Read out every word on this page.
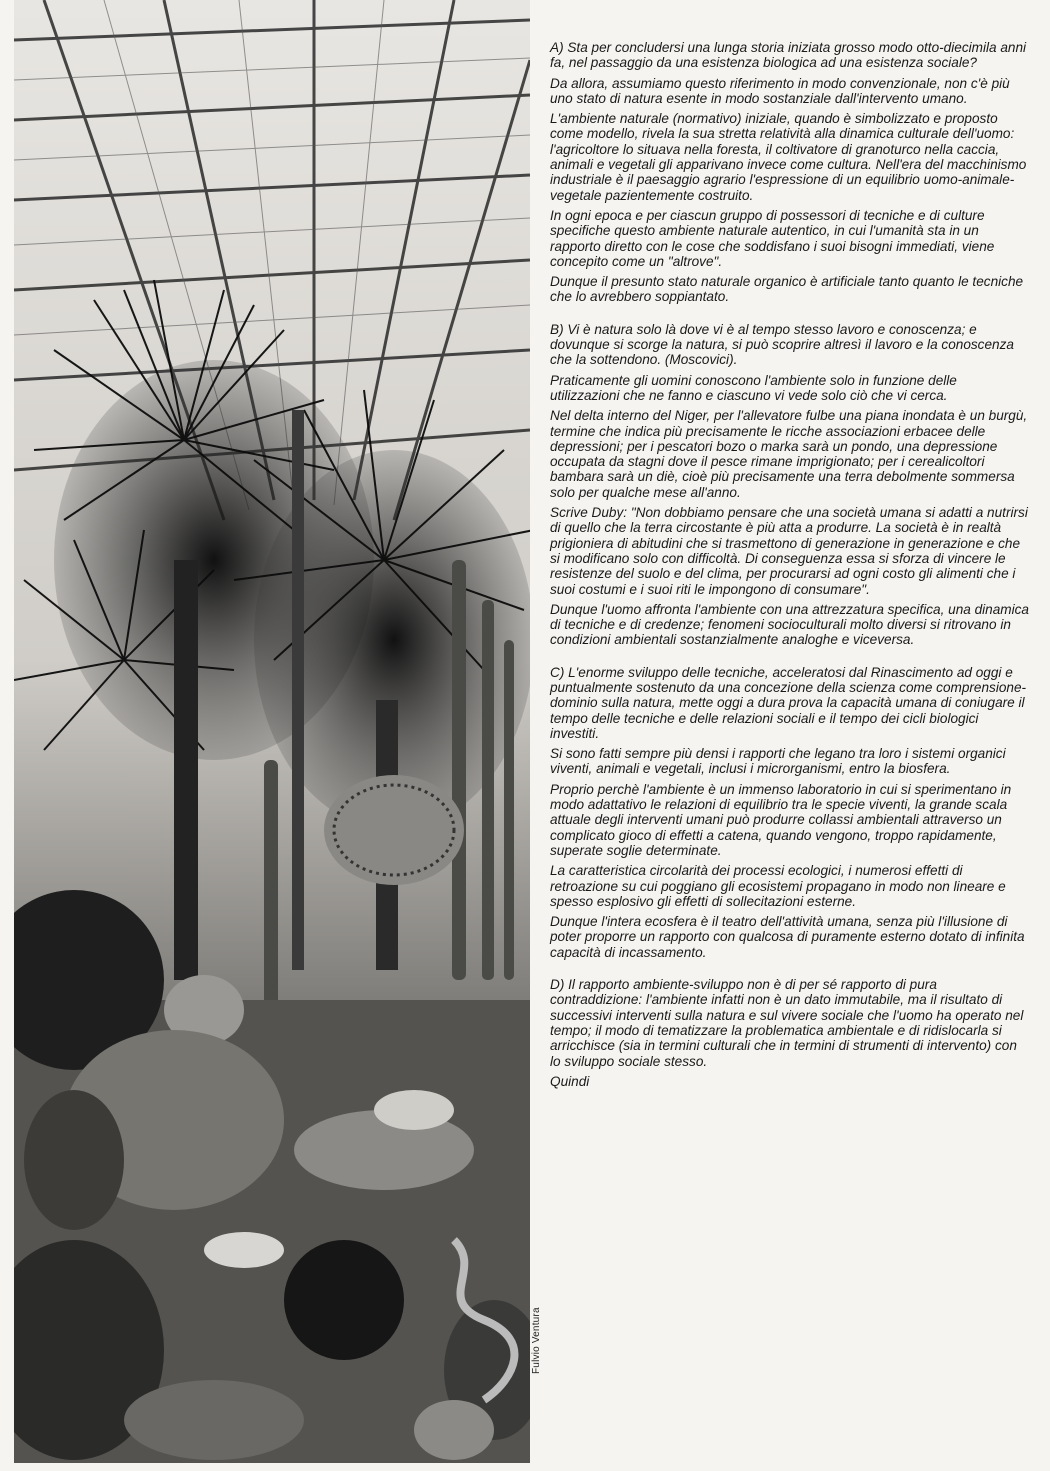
Fulvio Ventura

A) Sta per concludersi una lunga storia iniziata grosso modo otto-diecimila anni fa, nel passaggio da una esistenza biologica ad una esistenza sociale?

Da allora, assumiamo questo riferimento in modo convenzionale, non c'è più uno stato di natura esente in modo sostanziale dall'intervento umano.

L'ambiente naturale (normativo) iniziale, quando è simbolizzato e proposto come modello, rivela la sua stretta relatività alla dinamica culturale dell'uomo: l'agricoltore lo situava nella foresta, il coltivatore di granoturco nella caccia, animali e vegetali gli apparivano invece come cultura. Nell'era del macchinismo industriale è il paesaggio agrario l'espressione di un equilibrio uomo-animale-vegetale pazientemente costruito.

In ogni epoca e per ciascun gruppo di possessori di tecniche e di culture specifiche questo ambiente naturale autentico, in cui l'umanità sta in un rapporto diretto con le cose che soddisfano i suoi bisogni immediati, viene concepito come un "altrove".

Dunque il presunto stato naturale organico è artificiale tanto quanto le tecniche che lo avrebbero soppiantato.

B) Vi è natura solo là dove vi è al tempo stesso lavoro e conoscenza; e dovunque si scorge la natura, si può scoprire altresì il lavoro e la conoscenza che la sottendono. (Moscovici).

Praticamente gli uomini conoscono l'ambiente solo in funzione delle utilizzazioni che ne fanno e ciascuno vi vede solo ciò che vi cerca.

Nel delta interno del Niger, per l'allevatore fulbe una piana inondata è un burgù, termine che indica più precisamente le ricche associazioni erbacee delle depressioni; per i pescatori bozo o marka sarà un pondo, una depressione occupata da stagni dove il pesce rimane imprigionato; per i cerealicoltori bambara sarà un diè, cioè più precisamente una terra debolmente sommersa solo per qualche mese all'anno.

Scrive Duby: "Non dobbiamo pensare che una società umana si adatti a nutrirsi di quello che la terra circostante è più atta a produrre. La società è in realtà prigioniera di abitudini che si trasmettono di generazione in generazione e che si modificano solo con difficoltà. Di conseguenza essa si sforza di vincere le resistenze del suolo e del clima, per procurarsi ad ogni costo gli alimenti che i suoi costumi e i suoi riti le impongono di consumare".

Dunque l'uomo affronta l'ambiente con una attrezzatura specifica, una dinamica di tecniche e di credenze; fenomeni socioculturali molto diversi si ritrovano in condizioni ambientali sostanzialmente analoghe e viceversa.

C) L'enorme sviluppo delle tecniche, acceleratosi dal Rinascimento ad oggi e puntualmente sostenuto da una concezione della scienza come comprensione-dominio sulla natura, mette oggi a dura prova la capacità umana di coniugare il tempo delle tecniche e delle relazioni sociali e il tempo dei cicli biologici investiti.

Si sono fatti sempre più densi i rapporti che legano tra loro i sistemi organici viventi, animali e vegetali, inclusi i microrganismi, entro la biosfera.

Proprio perchè l'ambiente è un immenso laboratorio in cui si sperimentano in modo adattativo le relazioni di equilibrio tra le specie viventi, la grande scala attuale degli interventi umani può produrre collassi ambientali attraverso un complicato gioco di effetti a catena, quando vengono, troppo rapidamente, superate soglie determinate.

La caratteristica circolarità dei processi ecologici, i numerosi effetti di retroazione su cui poggiano gli ecosistemi propagano in modo non lineare e spesso esplosivo gli effetti di sollecitazioni esterne.

Dunque l'intera ecosfera è il teatro dell'attività umana, senza più l'illusione di poter proporre un rapporto con qualcosa di puramente esterno dotato di infinita capacità di incassamento.

D) Il rapporto ambiente-sviluppo non è di per sé rapporto di pura contraddizione: l'ambiente infatti non è un dato immutabile, ma il risultato di successivi interventi sulla natura e sul vivere sociale che l'uomo ha operato nel tempo; il modo di tematizzare la problematica ambientale e di ridislocarla si arricchisce (sia in termini culturali che in termini di strumenti di intervento) con lo sviluppo sociale stesso.

Quindi
